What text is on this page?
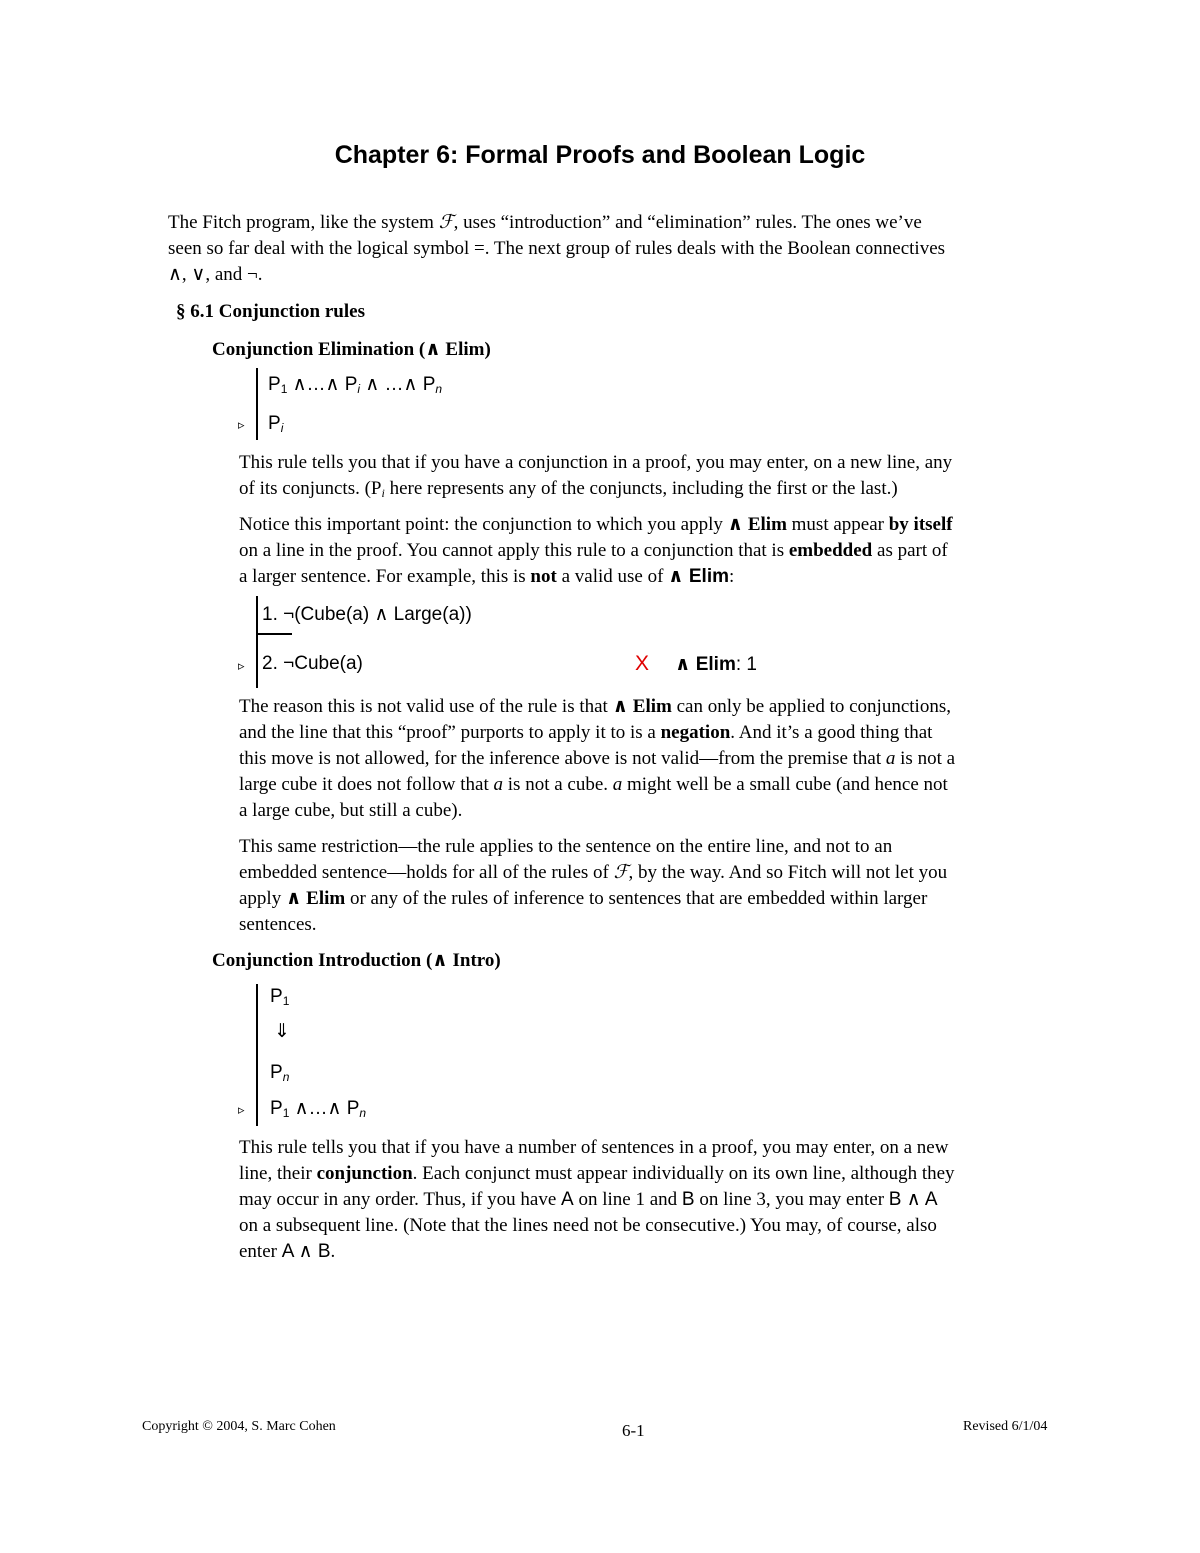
Chapter 6: Formal Proofs and Boolean Logic

The Fitch program, like the system ℱ, uses “introduction” and “elimination” rules. The ones we’ve
seen so far deal with the logical symbol =. The next group of rules deals with the Boolean connectives
∧, ∨, and ¬.

§ 6.1 Conjunction rules

Conjunction Elimination (∧ Elim)

$P_1$ ∧…∧ $P_i$ ∧ …∧ $P_n$
▹ $P_i$

This rule tells you that if you have a conjunction in a proof, you may enter, on a new line, any
of its conjuncts. ($P_i$ here represents any of the conjuncts, including the first or the last.)

Notice this important point: the conjunction to which you apply ∧ Elim must appear by itself
on a line in the proof. You cannot apply this rule to a conjunction that is embedded as part of
a larger sentence. For example, this is not a valid use of ∧ Elim:

1. ¬(Cube(a) ∧ Large(a))
▹ 2. ¬Cube(a)	X ∧ Elim: 1

The reason this is not valid use of the rule is that ∧ Elim can only be applied to conjunctions,
and the line that this “proof” purports to apply it to is a negation. And it’s a good thing that
this move is not allowed, for the inference above is not valid—from the premise that a is not a
large cube it does not follow that a is not a cube. a might well be a small cube (and hence not
a large cube, but still a cube).

This same restriction—the rule applies to the sentence on the entire line, and not to an
embedded sentence—holds for all of the rules of ℱ, by the way. And so Fitch will not let you
apply ∧ Elim or any of the rules of inference to sentences that are embedded within larger
sentences.

Conjunction Introduction (∧ Intro)

$P_1$
⇓
$P_n$
▹ $P_1$ ∧…∧ $P_n$

This rule tells you that if you have a number of sentences in a proof, you may enter, on a new
line, their conjunction. Each conjunct must appear individually on its own line, although they
may occur in any order. Thus, if you have A on line 1 and B on line 3, you may enter B ∧ A
on a subsequent line. (Note that the lines need not be consecutive.) You may, of course, also
enter A ∧ B.

Copyright © 2004, S. Marc Cohen	6-1	Revised 6/1/04
